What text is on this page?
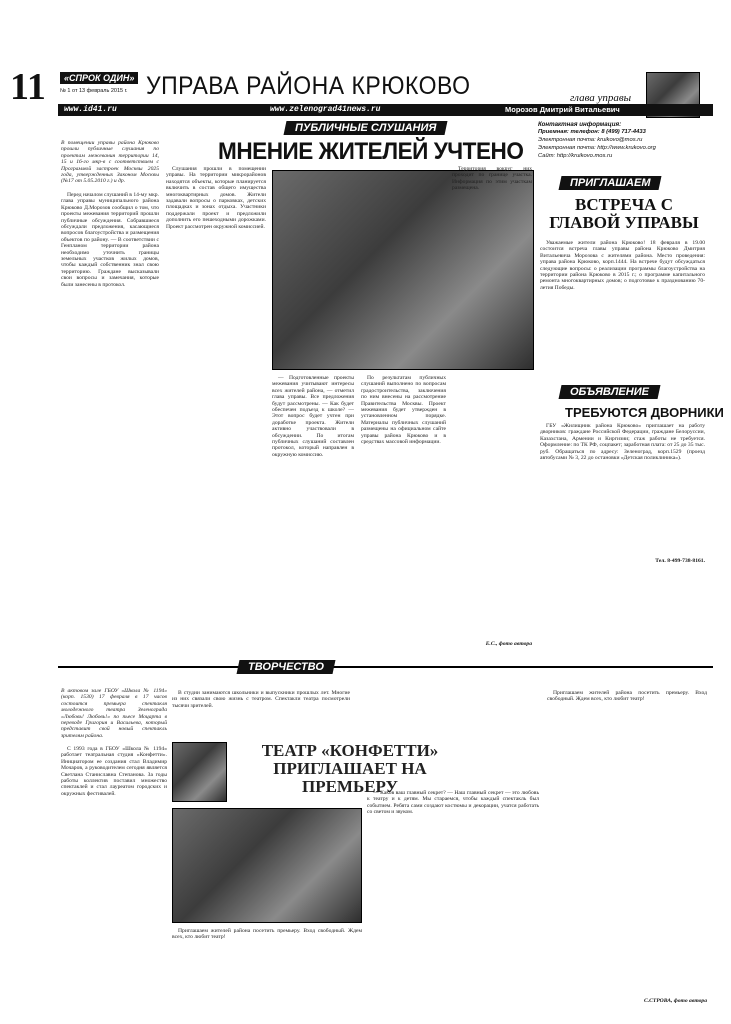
11	«СПРОК ОДИН»
№ 1 от 13 февраль 2015 г. УПРАВА РАЙОНА КРЮКОВО	глава управы
www.id41.ru	www.zelenograd41news.ru	Морозов Дмитрий Витальевич
Контактная информация:
Приемная: телефон: 8 (499) 717-4433
Электронная почта: kruikovo@mos.ru
Электронная почта: http://www.krukovo.org
Сайт: http://kruikovo.mos.ru
ПУБЛИЧНЫЕ СЛУШАНИЯ
МНЕНИЕ ЖИТЕЛЕЙ УЧТЕНО

В помещении управы района Крюково прошли публичные слушания по проектам межевания территории 14, 15 и 16-го мкр-в с соответствием с Программой застроек Москвы 2025 года, утвержденных Законом Москвы (№17 от 5.05.2010 г.) и др.

Перед началом слушаний в 14-му мкр. глава управы муниципального района Крюково Д.Морозов сообщил о том, что проекты межевания территорий прошли публичные обсуждения. Собравшиеся обсуждали предложения, касающиеся вопросов благоустройства и размещения объектов по району. — В соответствии с Генпланом территории района необходимо уточнить границы земельных участков жилых домов, чтобы каждый собственник знал свою территорию. Граждане высказывали свои вопросы и замечания, которые были занесены в протокол.

Слушания прошли в помещении управы. На территории микрорайонов находятся объекты, которые планируется включить в состав общего имущества многоквартирных домов. Жители задавали вопросы о парковках, детских площадках и зонах отдыха. Участники поддержали проект и предложили дополнить его пешеходными дорожками. Проект рассмотрен окружной комиссией.

— Подготовленные проекты межевания учитывают интересы всех жителей района, — отметил глава управы. Все предложения будут рассмотрены. — Как будет обеспечен подъезд к школе? — Этот вопрос будет учтен при доработке проекта. Жители активно участвовали в обсуждении. По итогам публичных слушаний составлен протокол, который направлен в окружную комиссию.

По результатам публичных слушаний выполнено по вопросам градостроительства, заключения по ним внесены на рассмотрение Правительства Москвы. Проект межевания будет утвержден в установленном порядке. Материалы публичных слушаний размещены на официальном сайте управы района Крюково и в средствах массовой информации.

Территория вокруг них проходит по границе участка. Информация по этим участкам размещена.

Е.С., фото автора
ПРИГЛАШАЕМ
ВСТРЕЧА С ГЛАВОЙ УПРАВЫ

Уважаемые жители района Крюково! 18 февраля в 19.00 состоится встреча главы управы района Крюково Дмитрия Витальевича Морозова с жителями района. Место проведения: управа района Крюково, корп.1444. На встрече будут обсуждаться следующие вопросы: о реализации программы благоустройства на территории района Крюково в 2015 г.; о программе капитального ремонта многоквартирных домов; о подготовке к празднованию 70-летия Победы.

ОБЪЯВЛЕНИЕ
ТРЕБУЮТСЯ ДВОРНИКИ

ГБУ «Жилищник района Крюково» приглашает на работу дворников: граждане Российской Федерации, граждане Белоруссии, Казахстана, Армении и Киргизии; стаж работы не требуется. Оформление: по ТК РФ, соцпакет; заработная плата: от 25 до 35 тыс. руб. Обращаться по адресу: Зеленоград, корп.1529 (проезд автобусами № 3, 22 до остановки «Детская поликлиника»).

Тел. 8-499-738-8161.
ТВОРЧЕСТВО

В актовом зале ГБОУ «Школа № 1194» (корп. 1530) 17 февраля в 17 часов состоится премьера спектакля молодежного театра Зеленограда «Любовь! Любовь!» по пьесе Моцарта в переводе Григория и Васильева, который представит свой новый спектакль зрителям района.

С 1993 года в ГБОУ «Школа № 1194» работает театральная студия «Конфетти». Инициатором ее создания стал Владимир Мочаров, а руководителем сегодня является Светлана Станиславна Степанова. За годы работы коллектив поставил множество спектаклей и стал лауреатом городских и окружных фестивалей.

В студии занимаются школьники и выпускники прошлых лет. Многие из них связали свою жизнь с театром. Спектакли театра посмотрели тысячи зрителей.

ТЕАТР «КОНФЕТТИ» ПРИГЛАШАЕТ НА ПРЕМЬЕРУ

— Каков ваш главный секрет? — Наш главный секрет — это любовь к театру и к детям. Мы стараемся, чтобы каждый спектакль был событием. Ребята сами создают костюмы и декорации, учатся работать со светом и звуком.

Приглашаем жителей района посетить премьеру. Вход свободный. Ждем всех, кто любит театр!

Приглашаем жителей района посетить премьеру. Вход свободный. Ждем всех, кто любит театр!

С.СТРОВА, фото автора
